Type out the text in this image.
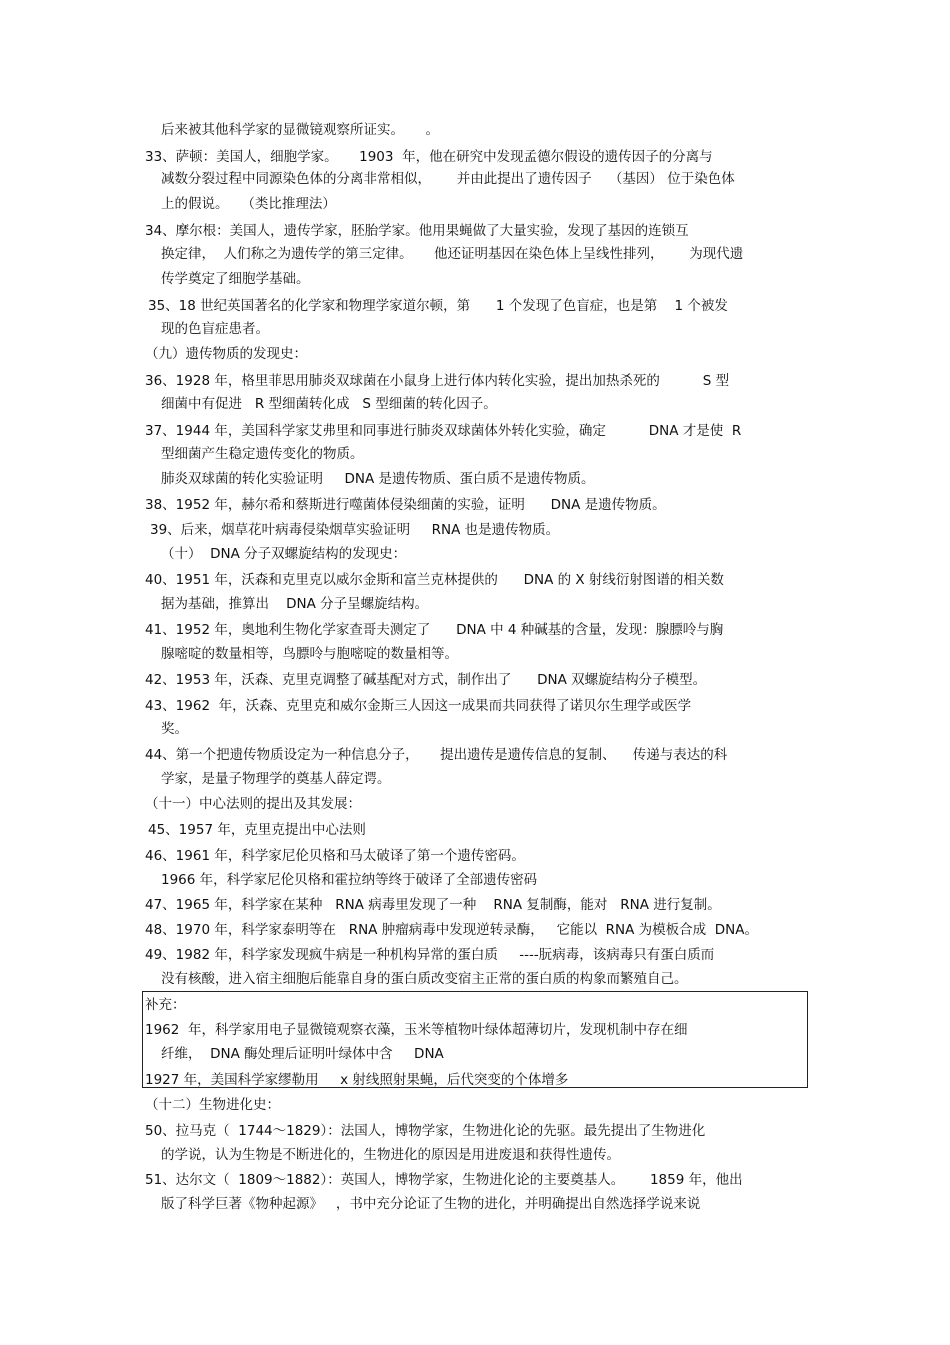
后来被其他科学家的显微镜观察所证实。     。
33、萨顿：美国人，细胞学家。     1903  年，他在研究中发现孟德尔假设的遗传因子的分离与
减数分裂过程中同源染色体的分离非常相似，      并由此提出了遗传因子    （基因） 位于染色体
上的假说。   （类比推理法）
34、摩尔根：美国人，遗传学家，胚胎学家。他用果蝇做了大量实验，发现了基因的连锁互
换定律，  人们称之为遗传学的第三定律。     他还证明基因在染色体上呈线性排列，      为现代遗
传学奠定了细胞学基础。
35、18 世纪英国著名的化学家和物理学家道尔顿，第      1 个发现了色盲症，也是第    1 个被发
现的色盲症患者。
（九）遗传物质的发现史：
36、1928 年，格里菲思用肺炎双球菌在小鼠身上进行体内转化实验，提出加热杀死的          S 型
细菌中有促进   R 型细菌转化成   S 型细菌的转化因子。
37、1944 年，美国科学家艾弗里和同事进行肺炎双球菌体外转化实验，确定          DNA 才是使  R
型细菌产生稳定遗传变化的物质。
肺炎双球菌的转化实验证明     DNA 是遗传物质、蛋白质不是遗传物质。
38、1952 年，赫尔希和蔡斯进行噬菌体侵染细菌的实验，证明      DNA 是遗传物质。
39、后来，烟草花叶病毒侵染烟草实验证明     RNA 也是遗传物质。
（十）  DNA 分子双螺旋结构的发现史：
40、1951 年，沃森和克里克以威尔金斯和富兰克林提供的      DNA 的 X 射线衍射图谱的相关数
据为基础，推算出    DNA 分子呈螺旋结构。
41、1952 年，奥地利生物化学家查哥夫测定了      DNA 中 4 种碱基的含量，发现：腺膘呤与胸
腺嘧啶的数量相等，鸟膘呤与胞嘧啶的数量相等。
42、1953 年，沃森、克里克调整了碱基配对方式，制作出了      DNA 双螺旋结构分子模型。
43、1962  年，沃森、克里克和威尔金斯三人因这一成果而共同获得了诺贝尔生理学或医学
奖。
44、第一个把遗传物质设定为一种信息分子，     提出遗传是遗传信息的复制、    传递与表达的科
学家，是量子物理学的奠基人薛定谔。
（十一）中心法则的提出及其发展：
45、1957 年，克里克提出中心法则
46、1961 年，科学家尼伦贝格和马太破译了第一个遗传密码。
1966 年，科学家尼伦贝格和霍拉纳等终于破译了全部遗传密码
47、1965 年，科学家在某种   RNA 病毒里发现了一种    RNA 复制酶，能对   RNA 进行复制。
48、1970 年，科学家泰明等在   RNA 肿瘤病毒中发现逆转录酶，   它能以  RNA 为模板合成  DNA。
49、1982 年，科学家发现疯牛病是一种机构异常的蛋白质     ----朊病毒，该病毒只有蛋白质而
没有核酸，进入宿主细胞后能靠自身的蛋白质改变宿主正常的蛋白质的构象而繁殖自己。
补充：
1962  年，科学家用电子显微镜观察衣藻，玉米等植物叶绿体超薄切片，发现机制中存在细
纤维，  DNA 酶处理后证明叶绿体中含     DNA
1927 年，美国科学家缪勒用     x 射线照射果蝇，后代突变的个体增多
（十二）生物进化史：
50、拉马克（  1744～1829）：法国人，博物学家，生物进化论的先驱。最先提出了生物进化
的学说，认为生物是不断进化的，生物进化的原因是用进废退和获得性遗传。
51、达尔文（  1809～1882）：英国人，博物学家，生物进化论的主要奠基人。      1859 年，他出
版了科学巨著《物种起源》   ，书中充分论证了生物的进化，并明确提出自然选择学说来说
